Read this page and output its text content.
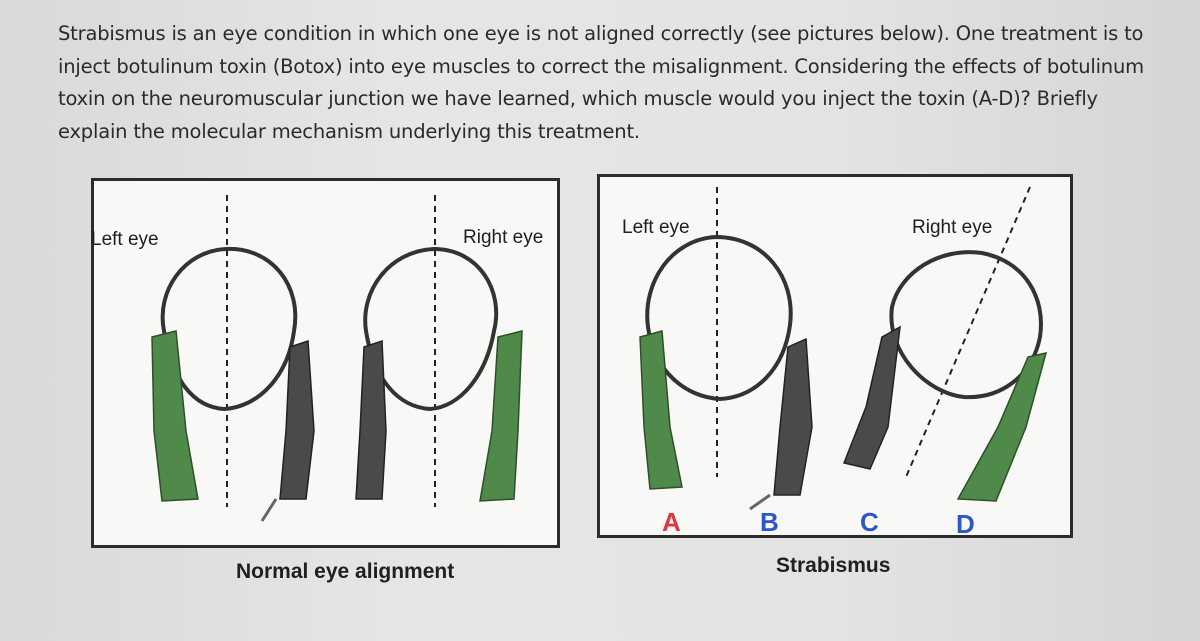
Strabismus is an eye condition in which one eye is not aligned correctly (see pictures below). One treatment is to inject botulinum toxin (Botox) into eye muscles to correct the misalignment. Considering the effects of botulinum toxin on the neuromuscular junction we have learned, which muscle would you inject the toxin (A-D)? Briefly explain the molecular mechanism underlying this treatment.
Left eye	Right eye
Normal eye alignment
Left eye	Right eye
A	B	C	D
Strabismus
